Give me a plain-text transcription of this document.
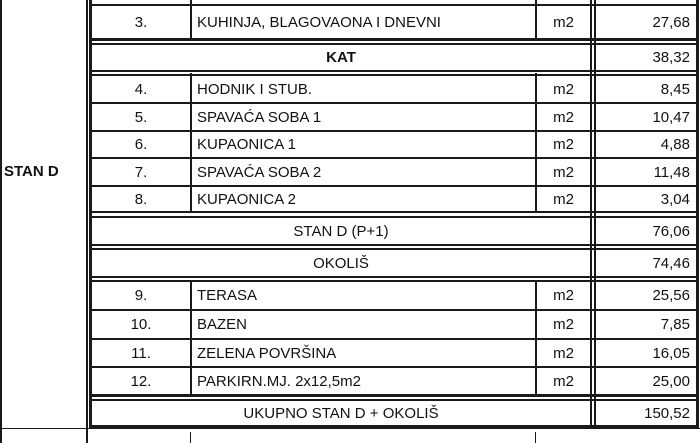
STAN D
3.	KUHINJA, BLAGOVAONA I DNEVNI	m2	27,68
KAT	38,32
4.	HODNIK I STUB.	m2	8,45
5.	SPAVAĆA SOBA 1	m2	10,47
6.	KUPAONICA 1	m2	4,88
7.	SPAVAĆA SOBA 2	m2	11,48
8.	KUPAONICA 2	m2	3,04
STAN D (P+1)	76,06
OKOLIŠ	74,46
9.	TERASA	m2	25,56
10.	BAZEN	m2	7,85
11.	ZELENA POVRŠINA	m2	16,05
12.	PARKIRN.MJ. 2x12,5m2	m2	25,00
UKUPNO STAN D + OKOLIŠ	150,52
